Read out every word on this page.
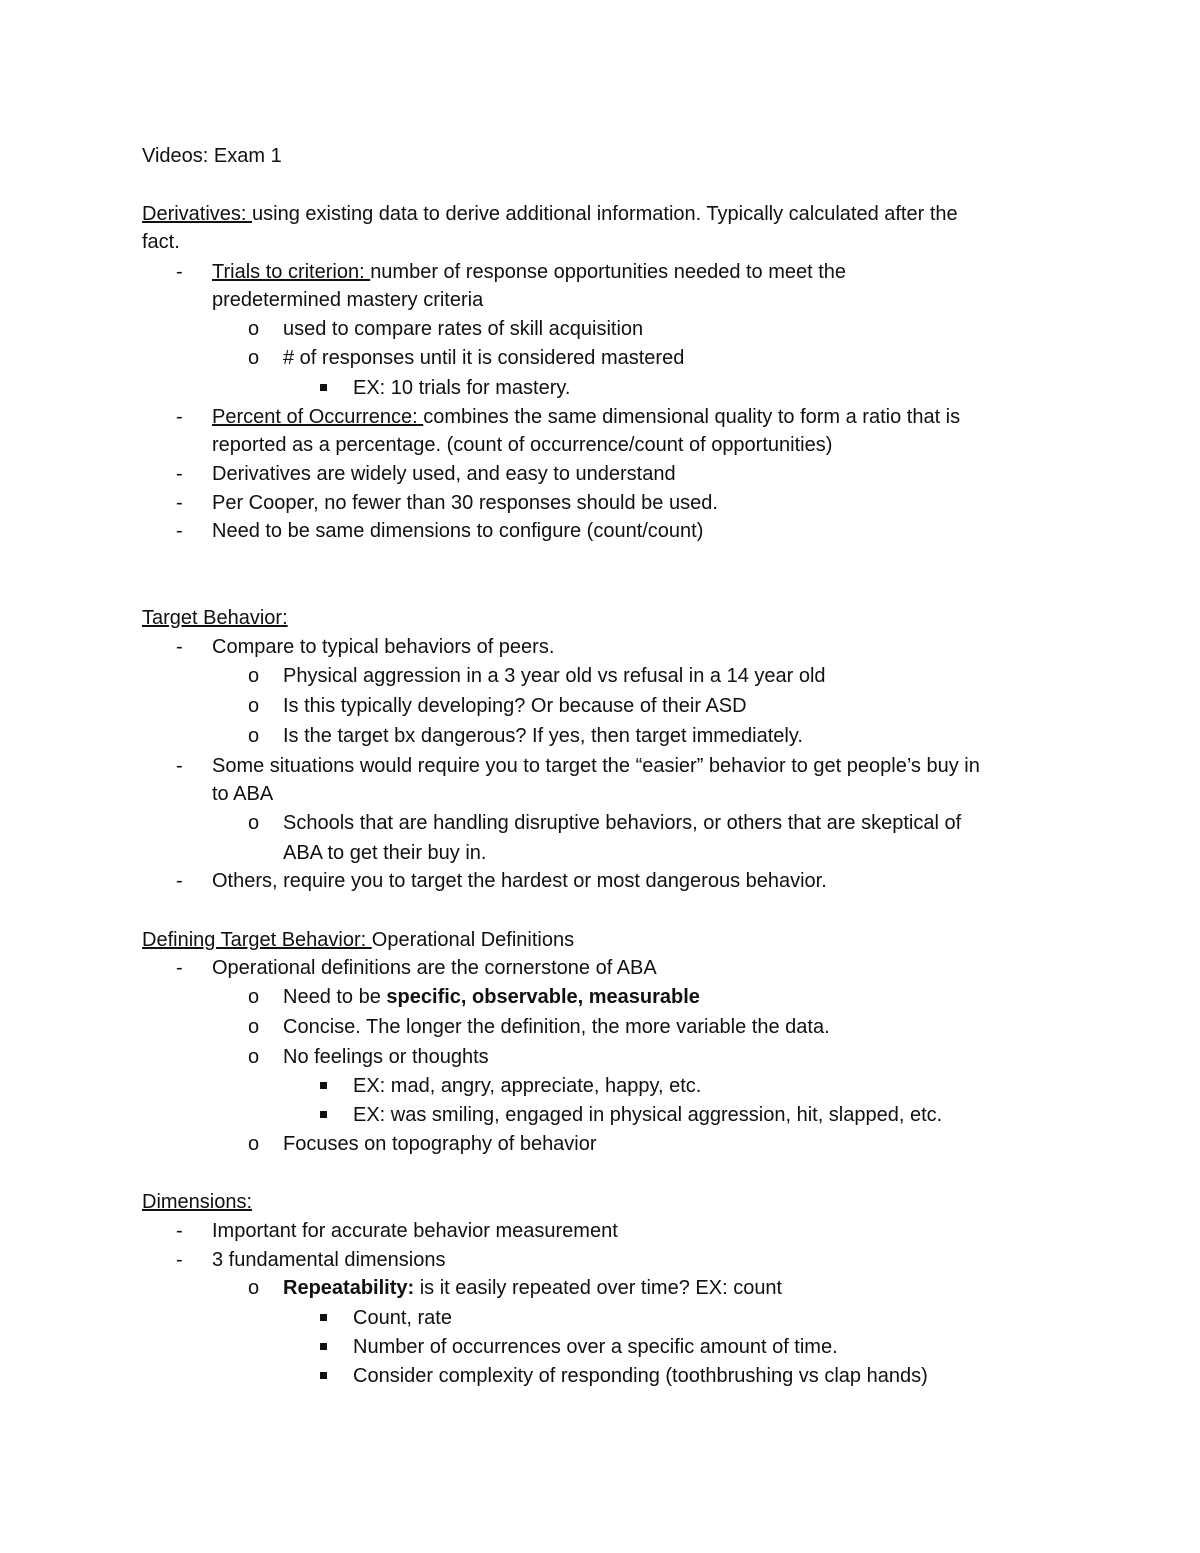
Videos: Exam 1
Derivatives: using existing data to derive additional information. Typically calculated after the
fact.
- Trials to criterion: number of response opportunities needed to meet the
predetermined mastery criteria
o used to compare rates of skill acquisition
o # of responses until it is considered mastered
EX: 10 trials for mastery.
- Percent of Occurrence: combines the same dimensional quality to form a ratio that is
reported as a percentage. (count of occurrence/count of opportunities)
- Derivatives are widely used, and easy to understand
- Per Cooper, no fewer than 30 responses should be used.
- Need to be same dimensions to configure (count/count)
Target Behavior:
- Compare to typical behaviors of peers.
o Physical aggression in a 3 year old vs refusal in a 14 year old
o Is this typically developing? Or because of their ASD
o Is the target bx dangerous? If yes, then target immediately.
- Some situations would require you to target the “easier” behavior to get people’s buy in
to ABA
o Schools that are handling disruptive behaviors, or others that are skeptical of
ABA to get their buy in.
- Others, require you to target the hardest or most dangerous behavior.
Defining Target Behavior: Operational Definitions
- Operational definitions are the cornerstone of ABA
o Need to be specific, observable, measurable
o Concise. The longer the definition, the more variable the data.
o No feelings or thoughts
EX: mad, angry, appreciate, happy, etc.
EX: was smiling, engaged in physical aggression, hit, slapped, etc.
o Focuses on topography of behavior
Dimensions:
- Important for accurate behavior measurement
- 3 fundamental dimensions
o Repeatability: is it easily repeated over time? EX: count
Count, rate
Number of occurrences over a specific amount of time.
Consider complexity of responding (toothbrushing vs clap hands)
